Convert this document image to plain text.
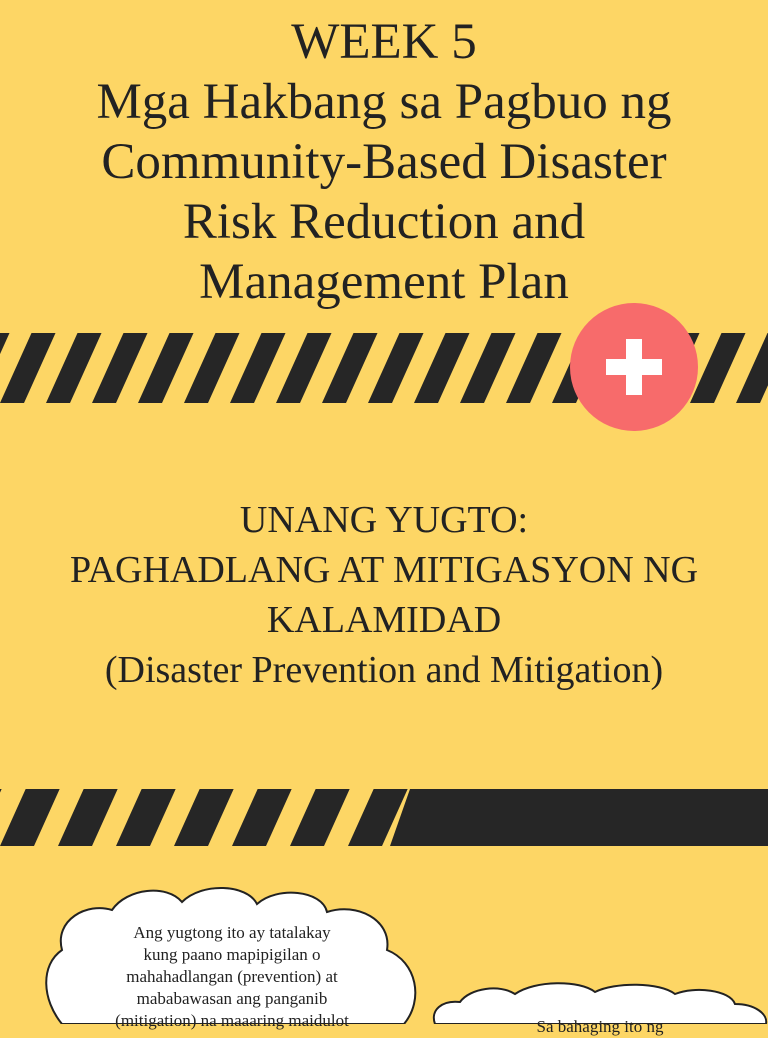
WEEK 5
Mga Hakbang sa Pagbuo ng
Community-Based Disaster
Risk Reduction and
Management Plan
UNANG YUGTO:
PAGHADLANG AT MITIGASYON NG
KALAMIDAD
(Disaster Prevention and Mitigation)
Ang yugtong ito ay tatalakay
kung paano mapipigilan o
mahahadlangan (prevention) at
mababawasan ang panganib
(mitigation) na maaaring maidulot	Sa bahaging ito ng
